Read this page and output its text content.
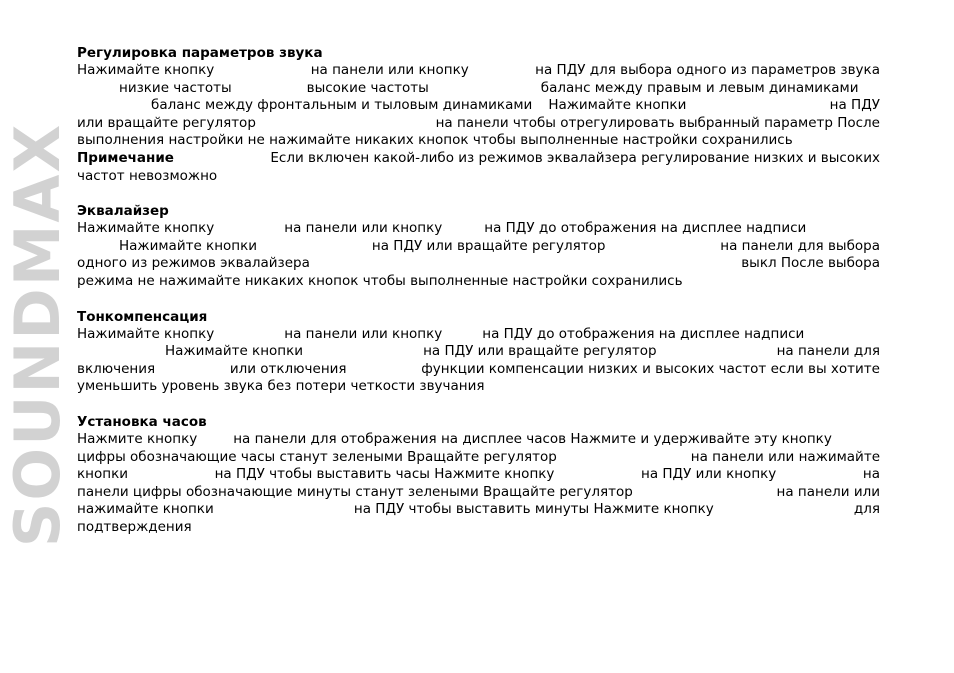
SOUNDMAX
Регулировка параметров звука
Нажимайте кнопку	на панели или кнопку	на ПДУ для выбора одного из параметров звука
низкие частоты	высокие частоты	баланс между правым и левым динамиками
баланс между фронтальным и тыловым динамиками Нажимайте кнопки	на ПДУ
или вращайте регулятор	на панели чтобы отрегулировать выбранный параметр После
выполнения настройки не нажимайте никаких кнопок чтобы выполненные настройки сохранились
Примечание	Если включен какой-либо из режимов эквалайзера регулирование низких и высоких
частот невозможно
Эквалайзер
Нажимайте кнопку	на панели или кнопку	на ПДУ до отображения на дисплее надписи
Нажимайте кнопки	на ПДУ или вращайте регулятор	на панели для выбора
одного из режимов эквалайзера	выкл После выбора
режима не нажимайте никаких кнопок чтобы выполненные настройки сохранились
Тонкомпенсация
Нажимайте кнопку	на панели или кнопку	на ПДУ до отображения на дисплее надписи
Нажимайте кнопки	на ПДУ или вращайте регулятор	на панели для
включения	или отключения	функции компенсации низких и высоких частот если вы хотите
уменьшить уровень звука без потери четкости звучания
Установка часов
Нажмите кнопку	на панели для отображения на дисплее часов Нажмите и удерживайте эту кнопку
цифры обозначающие часы станут зелеными Вращайте регулятор	на панели или нажимайте
кнопки	на ПДУ чтобы выставить часы Нажмите кнопку	на ПДУ или кнопку	на
панели цифры обозначающие минуты станут зелеными Вращайте регулятор	на панели или
нажимайте кнопки	на ПДУ чтобы выставить минуты Нажмите кнопку	для
подтверждения
